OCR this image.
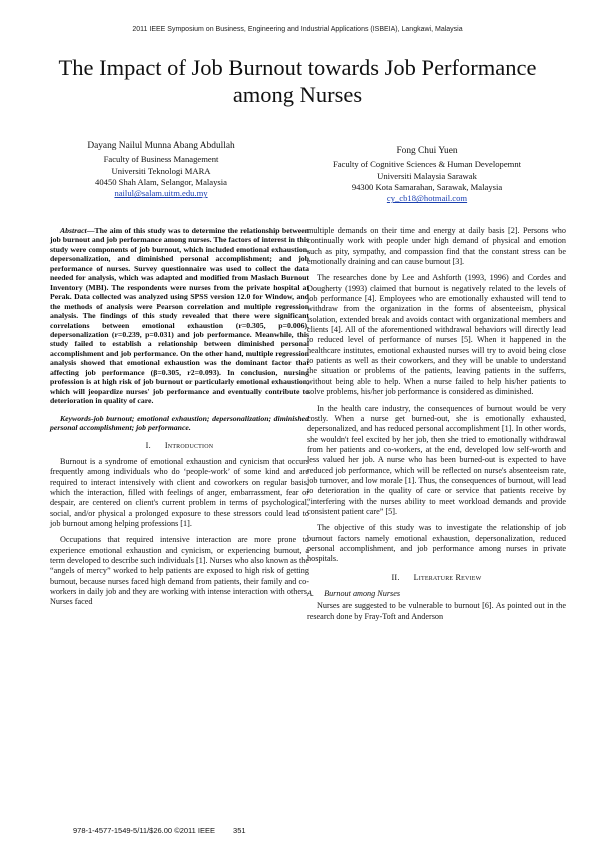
2011 IEEE Symposium on Business, Engineering and Industrial Applications (ISBEIA), Langkawi, Malaysia
The Impact of Job Burnout towards Job Performance
among Nurses
Dayang Nailul Munna Abang Abdullah
Faculty of Business Management
Universiti Teknologi MARA
40450 Shah Alam, Selangor, Malaysia
nailul@salam.uitm.edu.my
Fong Chui Yuen
Faculty of Cognitive Sciences & Human Developemnt
Universiti Malaysia Sarawak
94300 Kota Samarahan, Sarawak, Malaysia
cy_cb18@hotmail.com
Abstract—The aim of this study was to determine the relationship between job burnout and job performance among nurses. The factors of interest in this study were components of job burnout, which included emotional exhaustion, depersonalization, and diminished personal accomplishment; and job performance of nurses. Survey questionnaire was used to collect the data needed for analysis, which was adapted and modified from Maslach Burnout Inventory (MBI). The respondents were nurses from the private hospital at Perak. Data collected was analyzed using SPSS version 12.0 for Window, and the methods of analysis were Pearson correlation and multiple regression analysis. The findings of this study revealed that there were significant correlations between emotional exhaustion (r=0.305, p=0.006), depersonalization (r=0.239, p=0.031) and job performance. Meanwhile, this study failed to establish a relationship between diminished personal accomplishment and job performance. On the other hand, multiple regression analysis showed that emotional exhaustion was the dominant factor that affecting job performance (β=0.305, r2=0.093). In conclusion, nursing profession is at high risk of job burnout or particularly emotional exhaustion, which will jeopardize nurses' job performance and eventually contribute to deterioration in quality of care.
Keywords-job burnout; emotional exhaustion; depersonalization; diminished personal accomplishment; job performance.
I. Introduction

Burnout is a syndrome of emotional exhaustion and cynicism that occurs frequently among individuals who do ‘people-work’ of some kind and are required to interact intensively with client and coworkers on regular basis, which the interaction, filled with feelings of anger, embarrassment, fear or despair, are centered on client's current problem in terms of psychological, social, and/or physical a prolonged exposure to these stressors could lead to job burnout among helping professions [1].

Occupations that required intensive interaction are more prone to experience emotional exhaustion and cynicism, or experiencing burnout, a term developed to describe such individuals [1]. Nurses who also known as the “angels of mercy” worked to help patients are exposed to high risk of getting burnout, because nurses faced high demand from patients, their family and co-workers in daily job and they are working with intense interaction with others. Nurses faced

multiple demands on their time and energy at daily basis [2]. Persons who continually work with people under high demand of physical and emotion such as pity, sympathy, and compassion find that the constant stress can be emotionally draining and can cause burnout [3].

The researches done by Lee and Ashforth (1993, 1996) and Cordes and Dougherty (1993) claimed that burnout is negatively related to the levels of job performance [4]. Employees who are emotionally exhausted will tend to withdraw from the organization in the forms of absenteeism, physical isolation, extended break and avoids contact with organizational members and clients [4]. All of the aforementioned withdrawal behaviors will directly lead to reduced level of performance of nurses [5]. When it happened in the healthcare institutes, emotional exhausted nurses will try to avoid being close to patients as well as their coworkers, and they will be unable to understand the situation or problems of the patients, leaving patients in the sufferrs, without being able to help. When a nurse failed to help his/her patients to solve problems, his/her job performance is considered as diminished.

In the health care industry, the consequences of burnout would be very costly. When a nurse get burned-out, she is emotionally exhausted, depersonalized, and has reduced personal accomplishment [1]. In other words, she wouldn't feel excited by her job, then she tried to emotionally withdrawal from her patients and co-workers, at the end, developed low self-worth and less valued her job. A nurse who has been burned-out is expected to have reduced job performance, which will be reflected on nurse's absenteeism rate, job turnover, and low morale [1]. Thus, the consequences of burnout, will lead to deterioration in the quality of care or service that patients receive by “interfering with the nurses ability to meet workload demands and provide consistent patient care” [5].

The objective of this study was to investigate the relationship of job burnout factors namely emotional exhaustion, depersonalization, reduced personal accomplishment, and job performance among nurses in private hospitals.

II. Literature Review
A. Burnout among Nurses

Nurses are suggested to be vulnerable to burnout [6]. As pointed out in the research done by Fray-Toft and Anderson

978-1-4577-1549-5/11/$26.00 ©2011 IEEE 351
